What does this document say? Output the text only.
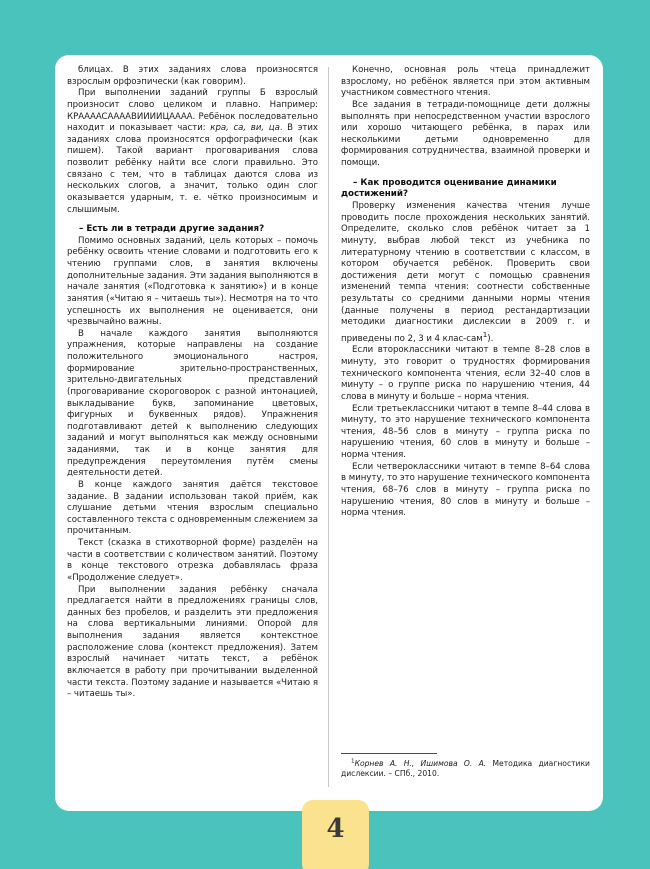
блицах. В этих заданиях слова произносятся взрослым орфоэпически (как говорим).

При выполнении заданий группы Б взрослый произносит слово целиком и плавно. Например: КРАААACАAААВИИИИЦАААА. Ребёнок последовательно находит и показывает части: кра, са, ви, ца. В этих заданиях слова произносятся орфографически (как пишем). Такой вариант проговаривания слова позволит ребёнку найти все слоги правильно. Это связано с тем, что в таблицах даются слова из нескольких слогов, а значит, только один слог оказывается ударным, т. е. чётко произносимым и слышимым.

– Есть ли в тетради другие задания?

Помимо основных заданий, цель которых – помочь ребёнку освоить чтение словами и подготовить его к чтению группами слов, в занятия включены дополнительные задания. Эти задания выполняются в начале занятия («Подготовка к занятию») и в конце занятия («Читаю я – читаешь ты»). Несмотря на то что успешность их выполнения не оценивается, они чрезвычайно важны.

В начале каждого занятия выполняются упражнения, которые направлены на создание положительного эмоционального настроя, формирование зрительно-пространственных, зрительно-двигательных представлений (проговаривание скороговорок с разной интонацией, выкладывание букв, запоминание цветовых, фигурных и буквенных рядов). Упражнения подготавливают детей к выполнению следующих заданий и могут выполняться как между основными заданиями, так и в конце занятия для предупреждения переутомления путём смены деятельности детей.

В конце каждого занятия даётся текстовое задание. В задании использован такой приём, как слушание детьми чтения взрослым специально составленного текста с одновременным слежением за прочитанным.

Текст (сказка в стихотворной форме) разделён на части в соответствии с количеством занятий. Поэтому в конце текстового отрезка добавлялась фраза «Продолжение следует».

При выполнении задания ребёнку сначала предлагается найти в предложениях границы слов, данных без пробелов, и разделить эти предложения на слова вертикальными линиями. Опорой для выполнения задания является контекстное расположение слова (контекст предложения). Затем взрослый начинает читать текст, а ребёнок включается в работу при прочитывании выделенной части текста. Поэтому задание и называется «Читаю я – читаешь ты».

Конечно, основная роль чтеца принадлежит взрослому, но ребёнок является при этом активным участником совместного чтения.

Все задания в тетради-помощнице дети должны выполнять при непосредственном участии взрослого или хорошо читающего ребёнка, в парах или несколькими детьми одновременно для формирования сотрудничества, взаимной проверки и помощи.

– Как проводится оценивание динамики достижений?

Проверку изменения качества чтения лучше проводить после прохождения нескольких занятий. Определите, сколько слов ребёнок читает за 1 минуту, выбрав любой текст из учебника по литературному чтению в соответствии с классом, в котором обучается ребёнок. Проверить свои достижения дети могут с помощью сравнения изменений темпа чтения: соотнести собственные результаты со средними данными нормы чтения (данные получены в период рестандартизации методики диагностики дислексии в 2009 г. и приведены по 2, 3 и 4 клас-сам$^1$).

Если второклассники читают в темпе 8–28 слов в минуту, это говорит о трудностях формирования технического компонента чтения, если 32–40 слов в минуту – о группе риска по нарушению чтения, 44 слова в минуту и больше – норма чтения.

Если третьеклассники читают в темпе 8–44 слова в минуту, то это нарушение технического компонента чтения, 48–56 слов в минуту – группа риска по нарушению чтения, 60 слов в минуту и больше – норма чтения.

Если четвероклассники читают в темпе 8–64 слова в минуту, то это нарушение технического компонента чтения, 68–76 слов в минуту – группа риска по нарушению чтения, 80 слов в минуту и больше – норма чтения.

$^1$Корнев А. Н., Ишимова О. А. Методика диагностики дислексии. – СПб., 2010.
4
